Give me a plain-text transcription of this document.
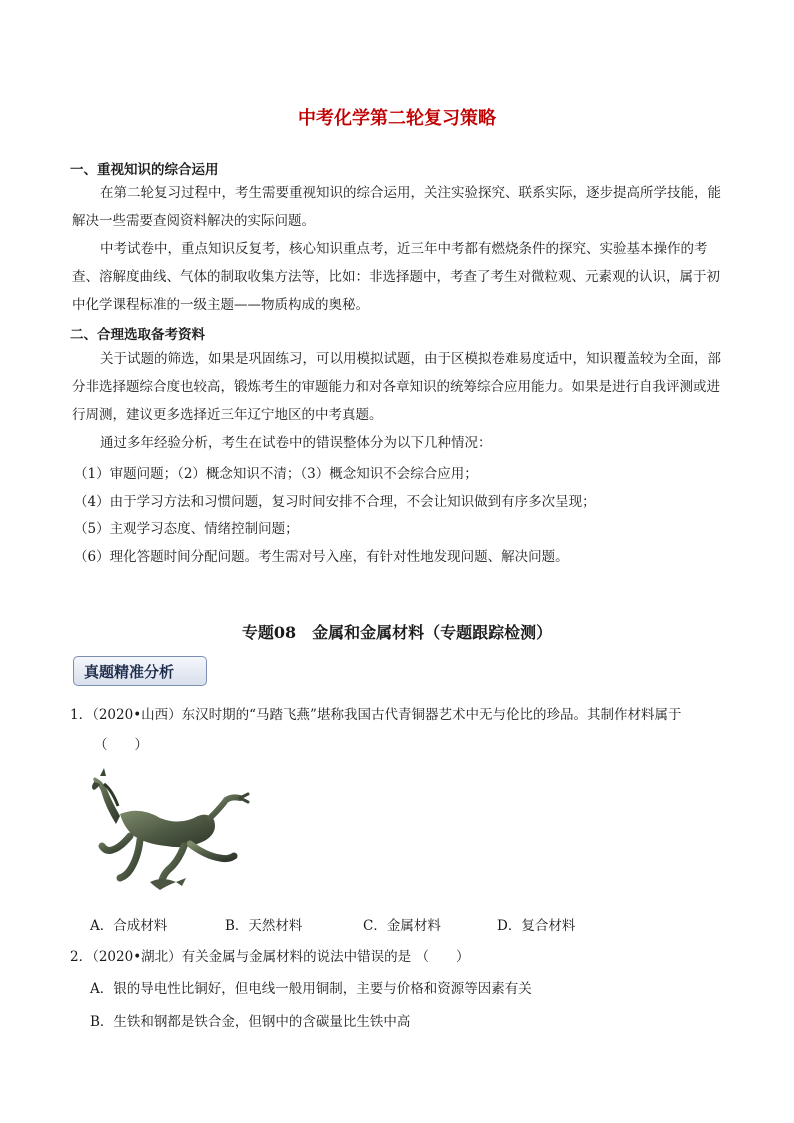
中考化学第二轮复习策略
一、重视知识的综合运用

在第二轮复习过程中，考生需要重视知识的综合运用，关注实验探究、联系实际，逐步提高所学技能，能解决一些需要查阅资料解决的实际问题。

中考试卷中，重点知识反复考，核心知识重点考，近三年中考都有燃烧条件的探究、实验基本操作的考查、溶解度曲线、气体的制取收集方法等，比如：非选择题中，考查了考生对微粒观、元素观的认识，属于初中化学课程标准的一级主题——物质构成的奥秘。

二、合理选取备考资料

关于试题的筛选，如果是巩固练习，可以用模拟试题，由于区模拟卷难易度适中，知识覆盖较为全面，部分非选择题综合度也较高，锻炼考生的审题能力和对各章知识的统筹综合应用能力。如果是进行自我评测或进行周测，建议更多选择近三年辽宁地区的中考真题。

通过多年经验分析，考生在试卷中的错误整体分为以下几种情况：

（1）审题问题；（2）概念知识不清；（3）概念知识不会综合应用；
（4）由于学习方法和习惯问题，复习时间安排不合理，不会让知识做到有序多次呈现；
（5）主观学习态度、情绪控制问题；
（6）理化答题时间分配问题。考生需对号入座，有针对性地发现问题、解决问题。
专题08　金属和金属材料（专题跟踪检测）
真题精准分析
1．（2020•山西）东汉时期的“马踏飞燕”堪称我国古代青铜器艺术中无与伦比的珍品。其制作材料属于
（　　）
A．合成材料	B．天然材料	C．金属材料	D．复合材料
2．（2020•湖北）有关金属与金属材料的说法中错误的是 （　　）
A．银的导电性比铜好，但电线一般用铜制，主要与价格和资源等因素有关
B．生铁和钢都是铁合金，但钢中的含碳量比生铁中高
